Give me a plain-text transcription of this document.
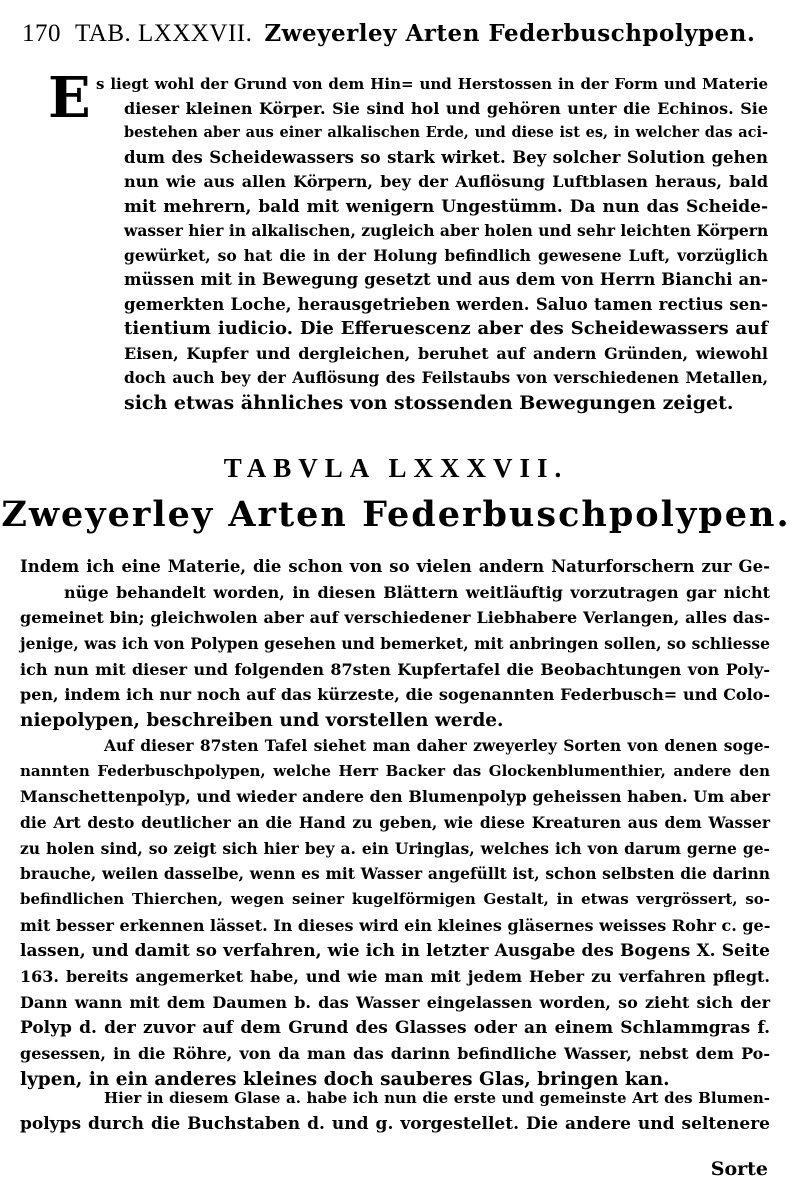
170 TAB. LXXXVII. Zweyerley Arten Federbuschpolypen.
E s liegt wohl der Grund von dem Hin= und Herstossen in der Form und Materie
dieser kleinen Körper. Sie sind hol und gehören unter die Echinos. Sie
bestehen aber aus einer alkalischen Erde, und diese ist es, in welcher das aci-
dum des Scheidewassers so stark wirket. Bey solcher Solution gehen
nun wie aus allen Körpern, bey der Auflösung Luftblasen heraus, bald
mit mehrern, bald mit wenigern Ungestümm. Da nun das Scheide-
wasser hier in alkalischen, zugleich aber holen und sehr leichten Körpern
gewürket, so hat die in der Holung befindlich gewesene Luft, vorzüglich
müssen mit in Bewegung gesetzt und aus dem von Herrn Bianchi an-
gemerkten Loche, herausgetrieben werden. Saluo tamen rectius sen-
tientium iudicio. Die Efferuescenz aber des Scheidewassers auf
Eisen, Kupfer und dergleichen, beruhet auf andern Gründen, wiewohl
doch auch bey der Auflösung des Feilstaubs von verschiedenen Metallen,
sich etwas ähnliches von stossenden Bewegungen zeiget.
TABVLA LXXXVII.
Zweyerley Arten Federbuschpolypen.
Indem ich eine Materie, die schon von so vielen andern Naturforschern zur Ge-
nüge behandelt worden, in diesen Blättern weitläuftig vorzutragen gar nicht
gemeinet bin; gleichwolen aber auf verschiedener Liebhabere Verlangen, alles das-
jenige, was ich von Polypen gesehen und bemerket, mit anbringen sollen, so schliesse
ich nun mit dieser und folgenden 87sten Kupfertafel die Beobachtungen von Poly-
pen, indem ich nur noch auf das kürzeste, die sogenannten Federbusch= und Colo-
niepolypen, beschreiben und vorstellen werde.
Auf dieser 87sten Tafel siehet man daher zweyerley Sorten von denen soge-
nannten Federbuschpolypen, welche Herr Backer das Glockenblumenthier, andere den
Manschettenpolyp, und wieder andere den Blumenpolyp geheissen haben. Um aber
die Art desto deutlicher an die Hand zu geben, wie diese Kreaturen aus dem Wasser
zu holen sind, so zeigt sich hier bey a. ein Uringlas, welches ich von darum gerne ge-
brauche, weilen dasselbe, wenn es mit Wasser angefüllt ist, schon selbsten die darinn
befindlichen Thierchen, wegen seiner kugelförmigen Gestalt, in etwas vergrössert, so-
mit besser erkennen lässet. In dieses wird ein kleines gläsernes weisses Rohr c. ge-
lassen, und damit so verfahren, wie ich in letzter Ausgabe des Bogens X. Seite
163. bereits angemerket habe, und wie man mit jedem Heber zu verfahren pflegt.
Dann wann mit dem Daumen b. das Wasser eingelassen worden, so zieht sich der
Polyp d. der zuvor auf dem Grund des Glasses oder an einem Schlammgras f.
gesessen, in die Röhre, von da man das darinn befindliche Wasser, nebst dem Po-
lypen, in ein anderes kleines doch sauberes Glas, bringen kan.
Hier in diesem Glase a. habe ich nun die erste und gemeinste Art des Blumen-
polyps durch die Buchstaben d. und g. vorgestellet. Die andere und seltenere
Sorte
